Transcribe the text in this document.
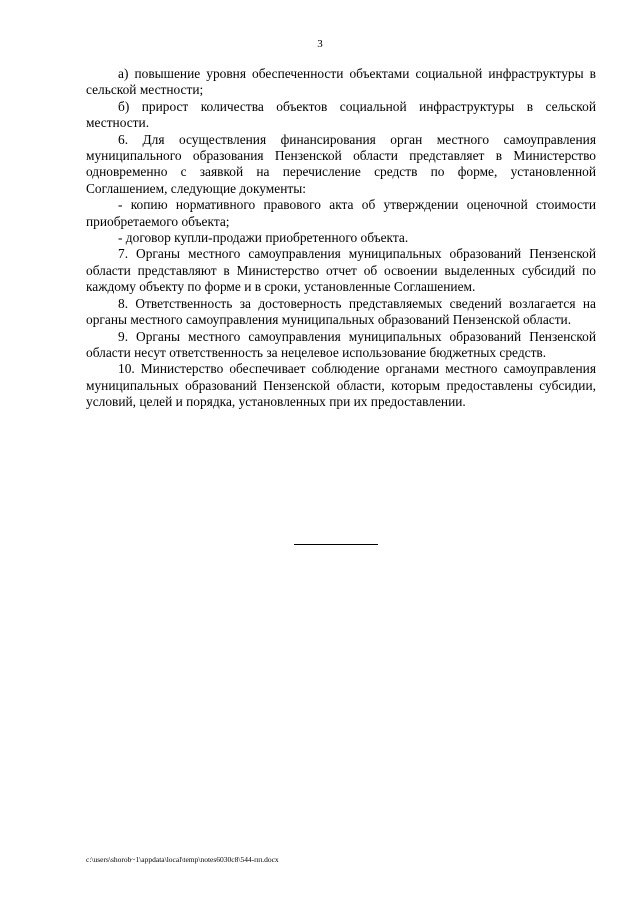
3

а) повышение уровня обеспеченности объектами социальной инфраструктуры в сельской местности;

б) прирост количества объектов социальной инфраструктуры в сельской местности.

6. Для осуществления финансирования орган местного самоуправления муниципального образования Пензенской области представляет в Министерство одновременно с заявкой на перечисление средств по форме, установленной Соглашением, следующие документы:

- копию нормативного правового акта об утверждении оценочной стоимости приобретаемого объекта;

- договор купли-продажи приобретенного объекта.

7. Органы местного самоуправления муниципальных образований Пензенской области представляют в Министерство отчет об освоении выделенных субсидий по каждому объекту по форме и в сроки, установленные Соглашением.

8. Ответственность за достоверность представляемых сведений возлагается на органы местного самоуправления муниципальных образований Пензенской области.

9. Органы местного самоуправления муниципальных образований Пензенской области несут ответственность за нецелевое использование бюджетных средств.

10. Министерство обеспечивает соблюдение органами местного самоуправления муниципальных образований Пензенской области, которым предоставлены субсидии, условий, целей и порядка, установленных при их предоставлении.

c:\users\shorob~1\appdata\local\temp\notes6030c8\544-пп.docx
